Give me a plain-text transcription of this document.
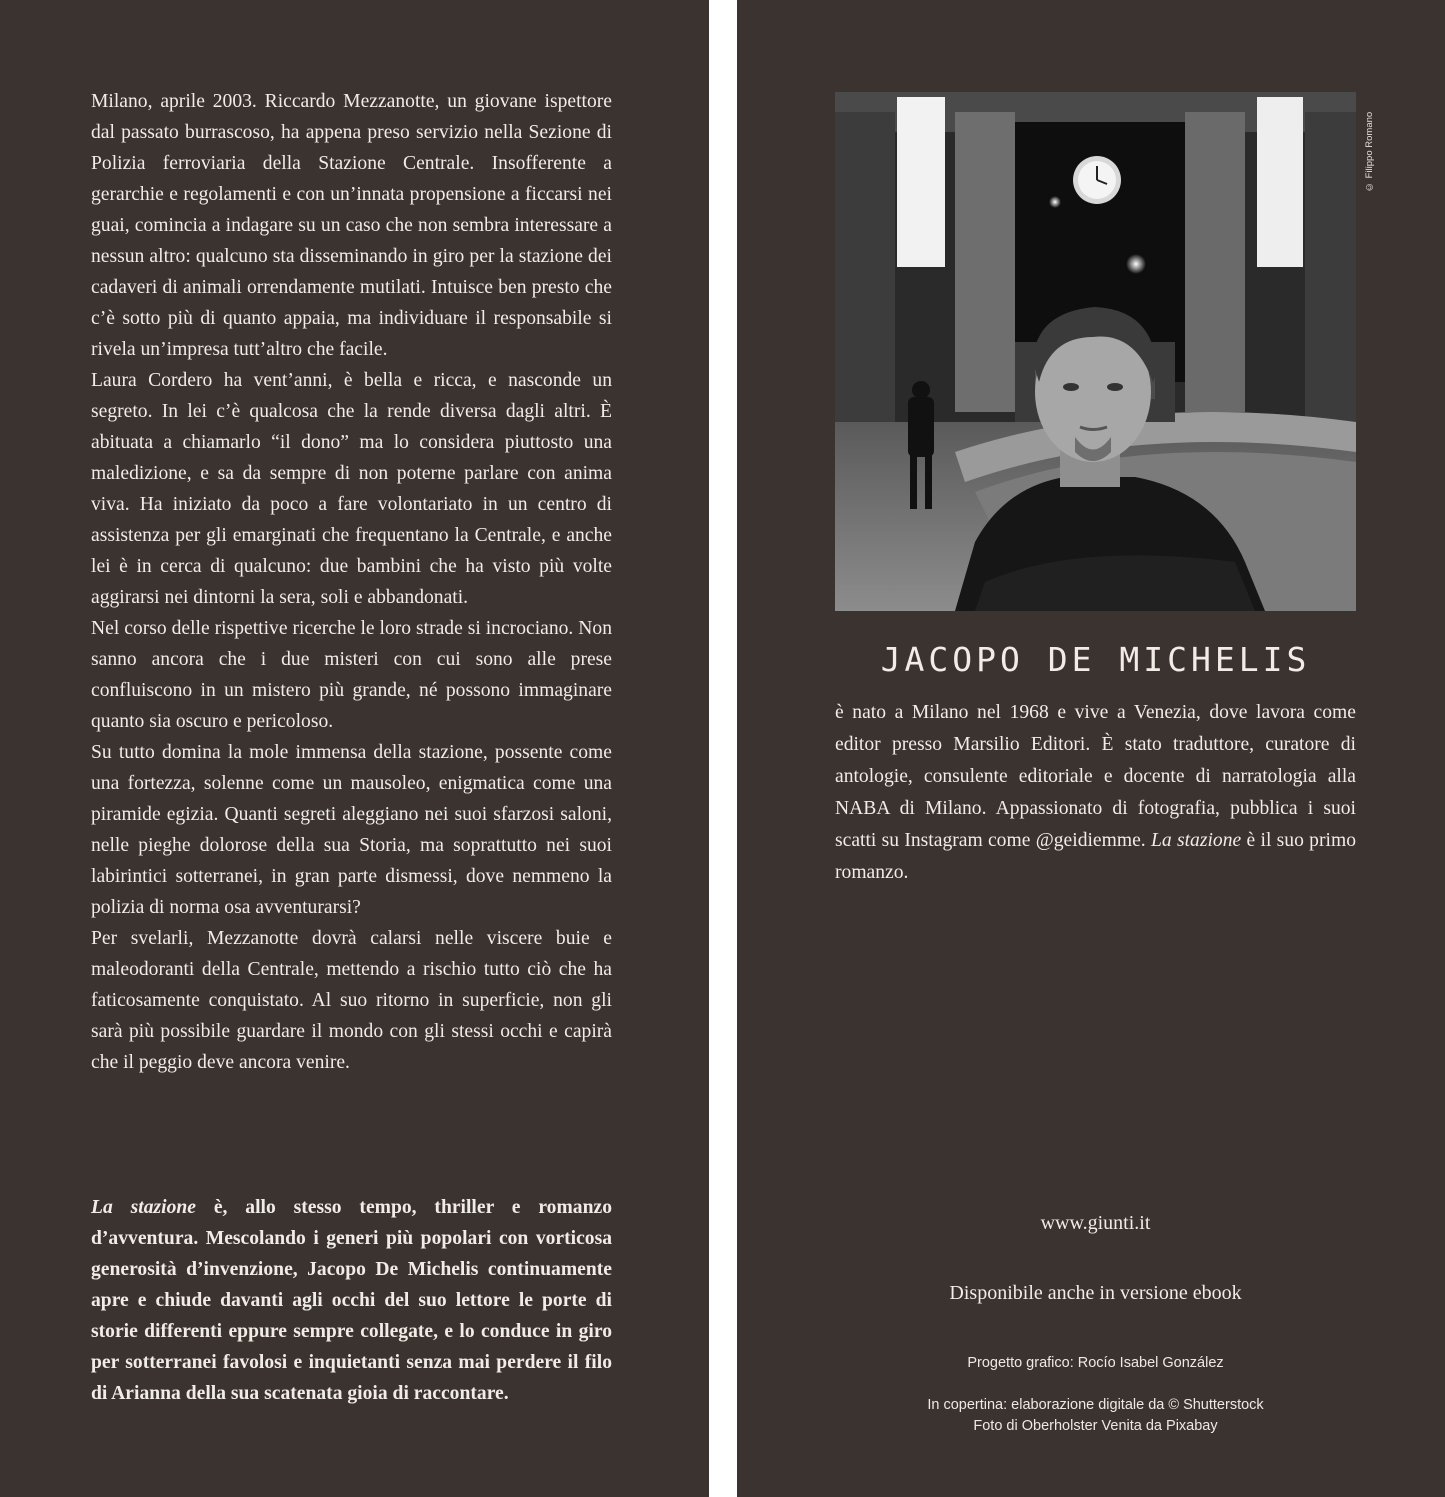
Milano, aprile 2003. Riccardo Mezzanotte, un giovane ispettore dal passato burrascoso, ha appena preso servizio nella Sezione di Polizia ferroviaria della Stazione Centrale. Insofferente a gerarchie e regolamenti e con un’innata propensione a ficcarsi nei guai, comincia a indagare su un caso che non sembra interessare a nessun altro: qualcuno sta disseminando in giro per la stazione dei cadaveri di animali orrendamente mutilati. Intuisce ben presto che c’è sotto più di quanto appaia, ma individuare il responsabile si rivela un’impresa tutt’altro che facile.

Laura Cordero ha vent’anni, è bella e ricca, e nasconde un segreto. In lei c’è qualcosa che la rende diversa dagli altri. È abituata a chiamarlo “il dono” ma lo considera piuttosto una maledizione, e sa da sempre di non poterne parlare con anima viva. Ha iniziato da poco a fare volontariato in un centro di assistenza per gli emarginati che frequentano la Centrale, e anche lei è in cerca di qualcuno: due bambini che ha visto più volte aggirarsi nei dintorni la sera, soli e abbandonati.

Nel corso delle rispettive ricerche le loro strade si incrociano. Non sanno ancora che i due misteri con cui sono alle prese confluiscono in un mistero più grande, né possono immaginare quanto sia oscuro e pericoloso.

Su tutto domina la mole immensa della stazione, possente come una fortezza, solenne come un mausoleo, enigmatica come una piramide egizia. Quanti segreti aleggiano nei suoi sfarzosi saloni, nelle pieghe dolorose della sua Storia, ma soprattutto nei suoi labirintici sotterranei, in gran parte dismessi, dove nemmeno la polizia di norma osa avventurarsi?

Per svelarli, Mezzanotte dovrà calarsi nelle viscere buie e maleodoranti della Centrale, mettendo a rischio tutto ciò che ha faticosamente conquistato. Al suo ritorno in superficie, non gli sarà più possibile guardare il mondo con gli stessi occhi e capirà che il peggio deve ancora venire.

La stazione è, allo stesso tempo, thriller e romanzo d’avventura. Mescolando i generi più popolari con vorticosa generosità d’invenzione, Jacopo De Michelis continuamente apre e chiude davanti agli occhi del suo lettore le porte di storie differenti eppure sempre collegate, e lo conduce in giro per sotterranei favolosi e inquietanti senza mai perdere il filo di Arianna della sua scatenata gioia di raccontare.

© Filippo Romano
JACOPO DE MICHELIS

è nato a Milano nel 1968 e vive a Venezia, dove lavora come editor presso Marsilio Editori. È stato traduttore, curatore di antologie, consulente editoriale e docente di narratologia alla NABA di Milano. Appassionato di fotografia, pubblica i suoi scatti su Instagram come @geidiemme. La stazione è il suo primo romanzo.

www.giunti.it
Disponibile anche in versione ebook
Progetto grafico: Rocío Isabel González
In copertina: elaborazione digitale da © Shutterstock
Foto di Oberholster Venita da Pixabay
